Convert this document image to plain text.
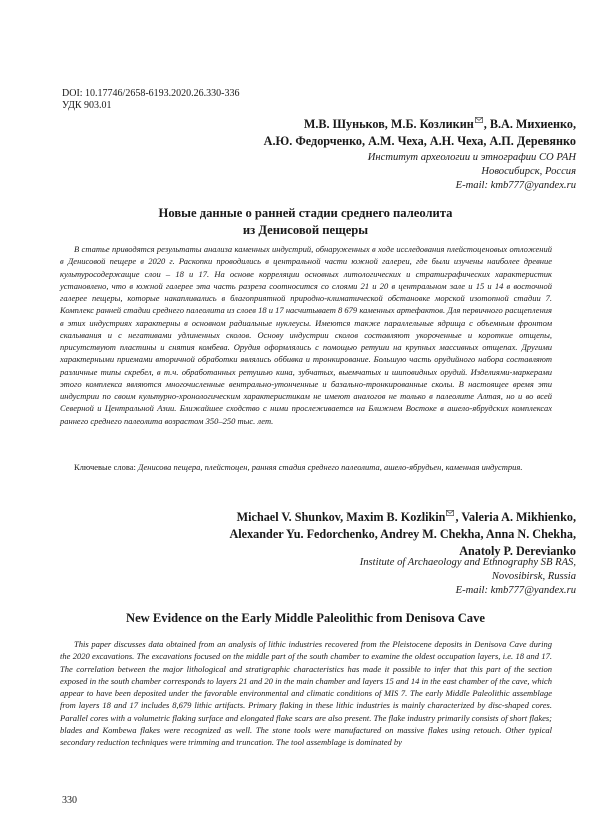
DOI: 10.17746/2658-6193.2020.26.330-336
УДК 903.01
М.В. Шуньков, М.Б. Козликин , В.А. Михиенко,
А.Ю. Федорченко, А.М. Чеха, А.Н. Чеха, А.П. Деревянко
Институт археологии и этнографии СО РАН
Новосибирск, Россия
E-mail: kmb777@yandex.ru
Новые данные о ранней стадии среднего палеолита
из Денисовой пещеры
В статье приводятся результаты анализа каменных индустрий, обнаруженных в ходе исследования плейстоценовых отложений в Денисовой пещере в 2020 г. Раскопки проводились в центральной части южной галереи, где были изучены наиболее древние культуросодержащие слои – 18 и 17. На основе корреляции основных литологических и стратиграфических характеристик установлено, что в южной галерее эта часть разреза соотносится со слоями 21 и 20 в центральном зале и 15 и 14 в восточной галерее пещеры, которые накапливались в благоприятной природно-климатической обстановке морской изотопной стадии 7. Комплекс ранней стадии среднего палеолита из слоев 18 и 17 насчитывает 8 679 каменных артефактов. Для первичного расщепления в этих индустриях характерны в основном радиальные нуклеусы. Имеются также параллельные ядрища с объемным фронтом скалывания и с негативами удлиненных сколов. Основу индустрии сколов составляют укороченные и короткие отщепы, присутствуют пластины и снятия комбева. Орудия оформлялись с помощью ретуши на крупных массивных отщепах. Другими характерными приемами вторичной обработки являлись оббивка и тронкирование. Большую часть орудийного набора составляют различные типы скребел, в т.ч. обработанных ретушью кина, зубчатых, выемчатых и шиповидных орудий. Изделиями-маркерами этого комплекса являются многочисленные вентрально-утонченные и базально-тронкированные сколы. В настоящее время эти индустрии по своим культурно-хронологическим характеристикам не имеют аналогов не только в палеолите Алтая, но и во всей Северной и Центральной Азии. Ближайшее сходство с ними прослеживается на Ближнем Востоке в ашело-ябрудских комплексах раннего среднего палеолита возрастом 350–250 тыс. лет.
Ключевые слова: Денисова пещера, плейстоцен, ранняя стадия среднего палеолита, ашело-ябрудьен, каменная индустрия.
Michael V. Shunkov, Maxim B. Kozlikin , Valeria A. Mikhienko,
Alexander Yu. Fedorchenko, Andrey M. Chekha, Anna N. Chekha,
Anatoly P. Derevianko
Institute of Archaeology and Ethnography SB RAS,
Novosibirsk, Russia
E-mail: kmb777@yandex.ru
New Evidence on the Early Middle Paleolithic from Denisova Cave
This paper discusses data obtained from an analysis of lithic industries recovered from the Pleistocene deposits in Denisova Cave during the 2020 excavations. The excavations focused on the middle part of the south chamber to examine the oldest occupation layers, i.e. 18 and 17. The correlation between the major lithological and stratigraphic characteristics has made it possible to infer that this part of the section exposed in the south chamber corresponds to layers 21 and 20 in the main chamber and layers 15 and 14 in the east chamber of the cave, which appear to have been deposited under the favorable environmental and climatic conditions of MIS 7. The early Middle Paleolithic assemblage from layers 18 and 17 includes 8,679 lithic artifacts. Primary flaking in these lithic industries is mainly characterized by disc-shaped cores. Parallel cores with a volumetric flaking surface and elongated flake scars are also present. The flake industry primarily consists of short flakes; blades and Kombewa flakes were recognized as well. The stone tools were manufactured on massive flakes using retouch. Other typical secondary reduction techniques were trimming and truncation. The tool assemblage is dominated by
330
